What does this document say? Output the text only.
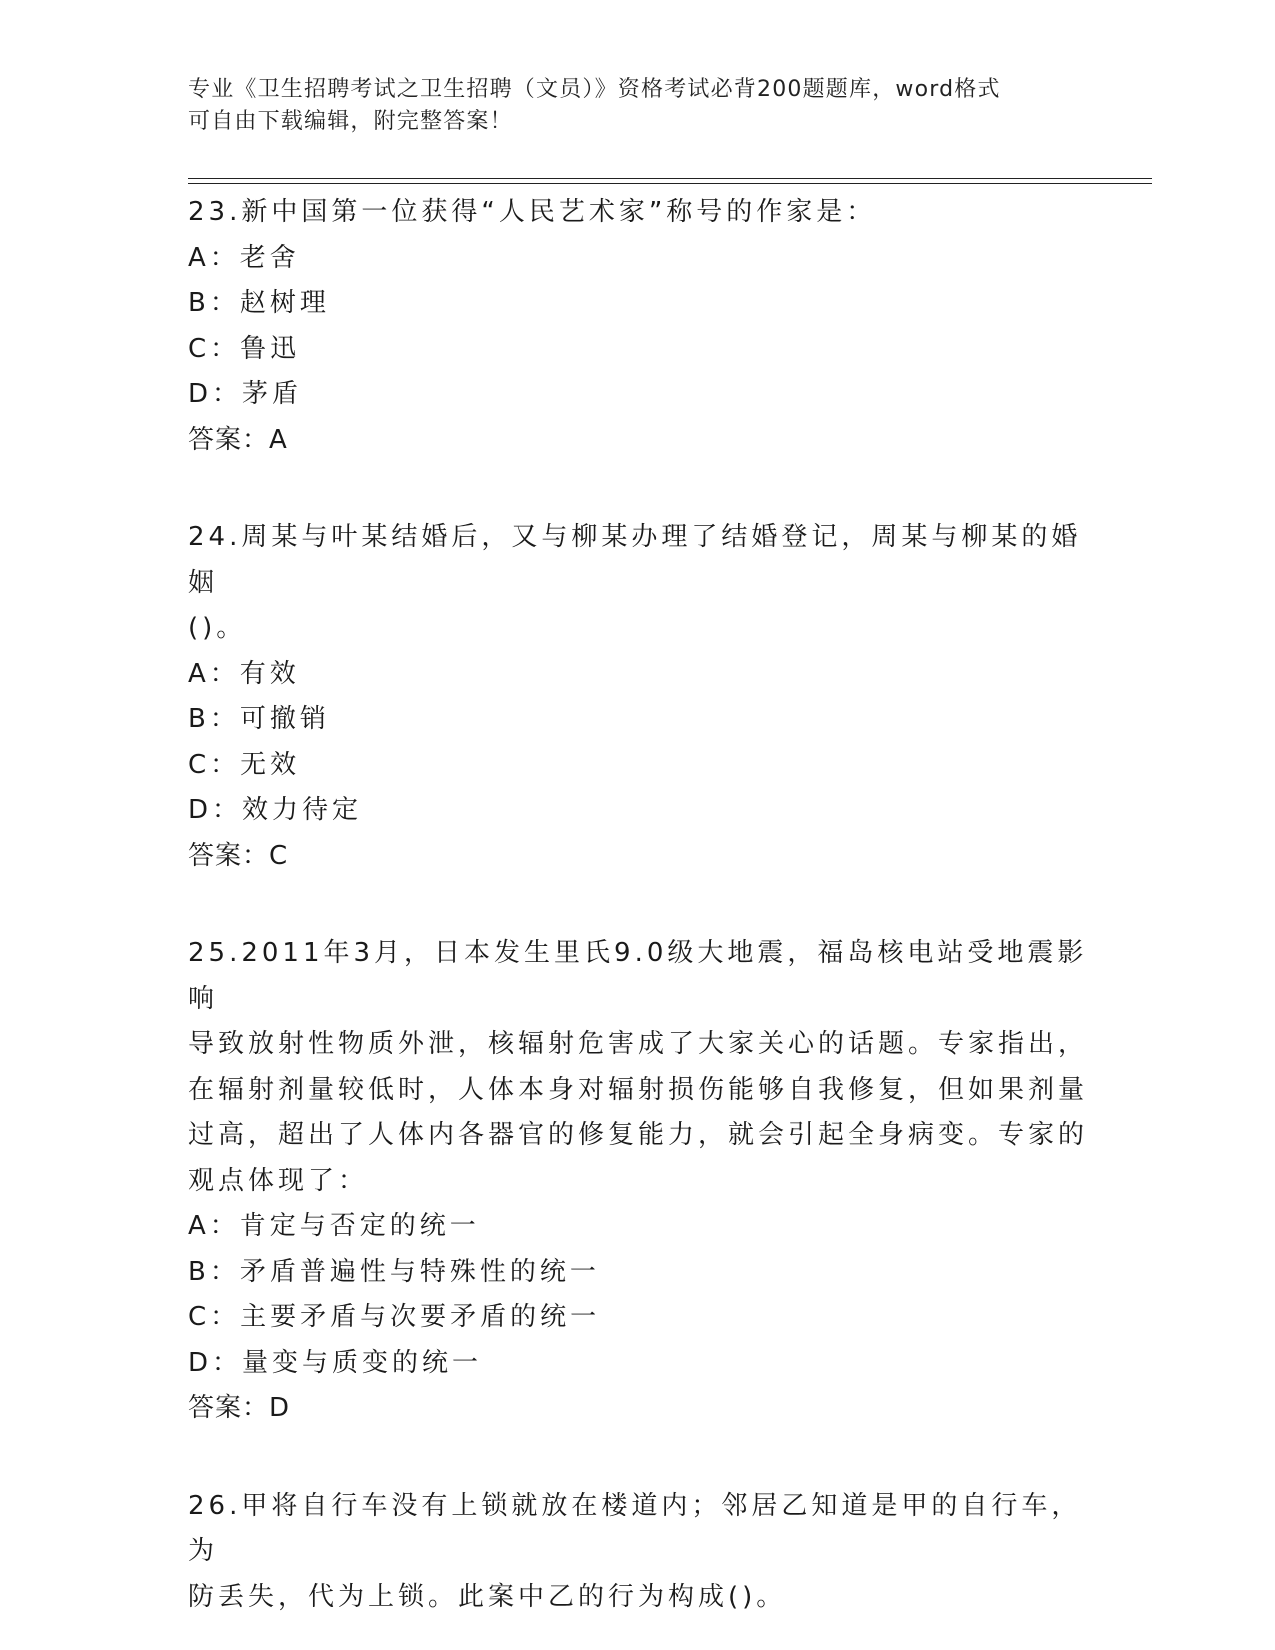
专业《卫生招聘考试之卫生招聘（文员）》资格考试必背200题题库，word格式
可自由下载编辑，附完整答案！

23.新中国第一位获得“人民艺术家”称号的作家是：

A：老舍

B：赵树理

C：鲁迅

D：茅盾

答案：A

24.周某与叶某结婚后，又与柳某办理了结婚登记，周某与柳某的婚姻
()。

A：有效

B：可撤销

C：无效

D：效力待定

答案：C

25.2011年3月，日本发生里氏9.0级大地震，福岛核电站受地震影响
导致放射性物质外泄，核辐射危害成了大家关心的话题。专家指出，
在辐射剂量较低时，人体本身对辐射损伤能够自我修复，但如果剂量
过高，超出了人体内各器官的修复能力，就会引起全身病变。专家的
观点体现了：

A：肯定与否定的统一

B：矛盾普遍性与特殊性的统一

C：主要矛盾与次要矛盾的统一

D：量变与质变的统一

答案：D

26.甲将自行车没有上锁就放在楼道内；邻居乙知道是甲的自行车，为
防丢失，代为上锁。此案中乙的行为构成()。
